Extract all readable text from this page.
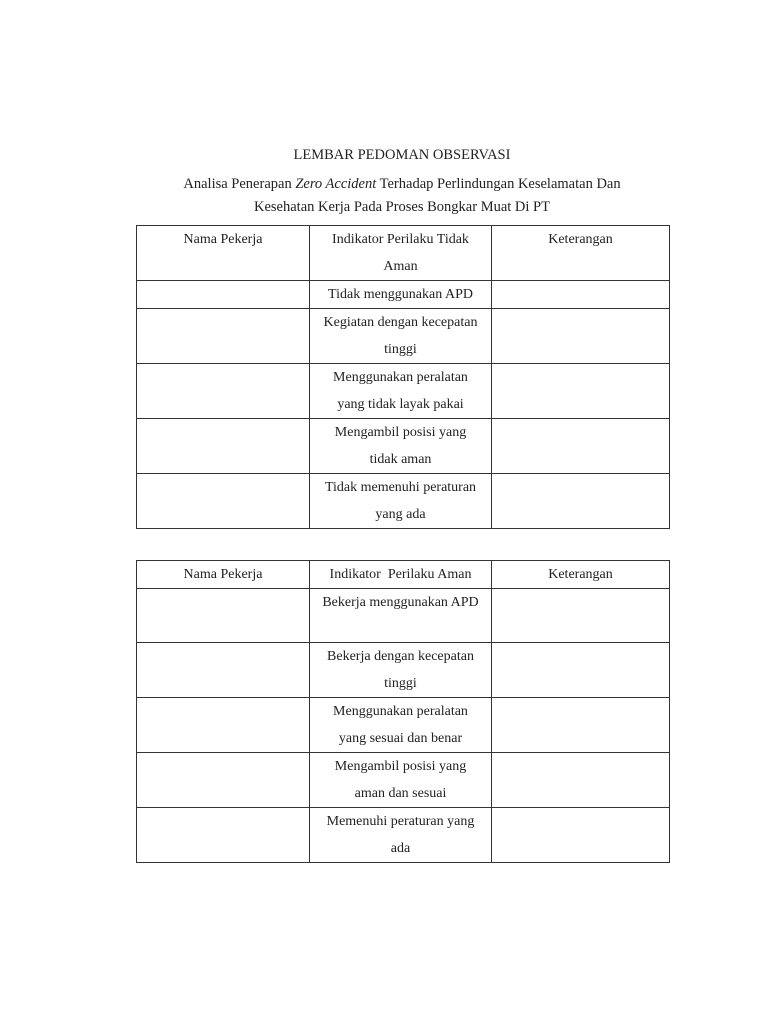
LEMBAR PEDOMAN OBSERVASI
Analisa Penerapan Zero Accident Terhadap Perlindungan Keselamatan Dan
Kesehatan Kerja Pada Proses Bongkar Muat Di PT
Nama Pekerja	Indikator Perilaku Tidak Aman	Keterangan
	Tidak menggunakan APD	
	Kegiatan dengan kecepatan tinggi	
	Menggunakan peralatan yang tidak layak pakai	
	Mengambil posisi yang tidak aman	
	Tidak memenuhi peraturan yang ada	
Nama Pekerja	Indikator  Perilaku Aman	Keterangan
	Bekerja menggunakan APD	
	Bekerja dengan kecepatan tinggi	
	Menggunakan peralatan yang sesuai dan benar	
	Mengambil posisi yang aman dan sesuai	
	Memenuhi peraturan yang ada	
